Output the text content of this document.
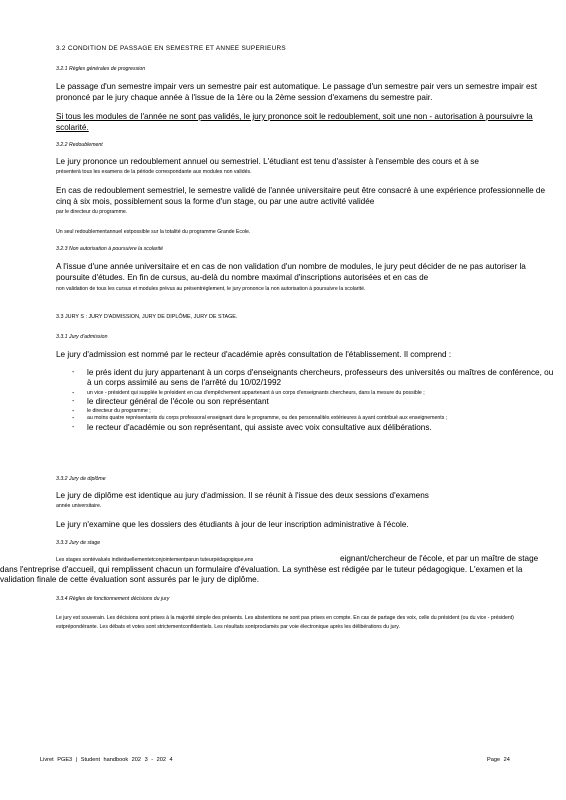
3.2 CONDITION DE PASSAGE EN SEMESTRE ET ANNEE SUPERIEURS
3.2.1 Règles générales de progression
Le passage d'un semestre impair vers un semestre pair est automatique. Le passage d'un semestre pair vers un semestre impair est prononcé par le jury chaque année à l'issue de la 1ère ou la 2ème session d'examens du semestre pair.
Si tous les modules de l'année ne sont pas validés, le jury prononce soit le redoublement, soit une non - autorisation à poursuivre la scolarité.
3.2.2 Redoublement
Le jury prononce un redoublement annuel ou semestriel. L'étudiant est tenu d'assister à l'ensemble des cours et à se
présenterà tous les examens de la période correspondante aux modules non validés.
En cas de redoublement semestriel, le semestre validé de l'année universitaire peut être consacré à une expérience professionnelle de cinq à six mois, possiblement sous la forme d'un stage, ou par une autre activité validée
par le directeur du programme.
Un seul redoublementannuel estpossible sur la totalité du programme Grande Ecole.
3.2.3 Non autorisation à poursuivre la scolarité
A l'issue d'une année universitaire et en cas de non validation d'un nombre de modules, le jury peut décider de ne pas autoriser la poursuite d'études. En fin de cursus, au-delà du nombre maximal d'inscriptions autorisées et en cas de
non validation de tous les cursus et modules prévus au présentrèglement, le jury prononce la non autorisation à poursuivre la scolarité.
3.3 JURY S : JURY D'ADMISSION, JURY DE DIPLÔME, JURY DE STAGE.
3.3.1 Jury d'admission
Le jury d'admission est nommé par le recteur d'académie après consultation de l'établissement. Il comprend :
- le prés ident du jury appartenant à un corps d'enseignants chercheurs, professeurs des universités ou maîtres de conférence, ou à un corps assimilé au sens de l'arrêté du 10/02/1992
- un vice - président qui supplée le président en cas d'empêchement appartenant à un corps d'enseignants chercheurs, dans la mesure du possible ;
- le directeur général de l'école ou son représentant
- le directeur du programme ;
- au moins quatre représentants du corps professoral enseignant dans le programme, ou des personnalités extérieures à ayant contribué aux enseignements ;
- le recteur d'académie ou son représentant, qui assiste avec voix consultative aux délibérations.
3.3.2 Jury de diplôme
Le jury de diplôme est identique au jury d'admission. Il se réunit à l'issue des deux sessions d'examens
année universitaire.
Le jury n'examine que les dossiers des étudiants à jour de leur inscription administrative à l'école.
3.3.3 Jury de stage
Les stages sontévalués individuellementetconjointementparun tuteurpédagogique,ens	eignant/chercheur de l'école, et par un maître de stage dans l'entreprise d'accueil, qui remplissent chacun un formulaire d'évaluation. La synthèse est rédigée par le tuteur pédagogique. L'examen et la validation finale de cette évaluation sont assurés par le jury de diplôme.
3.3.4 Règles de fonctionnement décisions du jury
Le jury est souverain. Les décisions sont prises à la majorité simple des présents. Les abstentions ne sont pas prises en compte. En cas de partage des voix, celle du président (ou du vice - président) estprépondérante. Les débats et votes sont strictementconfidentiels. Les résultats sontproclamés par voie électronique après les délibérations du jury.
Livret PGE3 | Student handbook 202 3 - 202 4	Page 24
